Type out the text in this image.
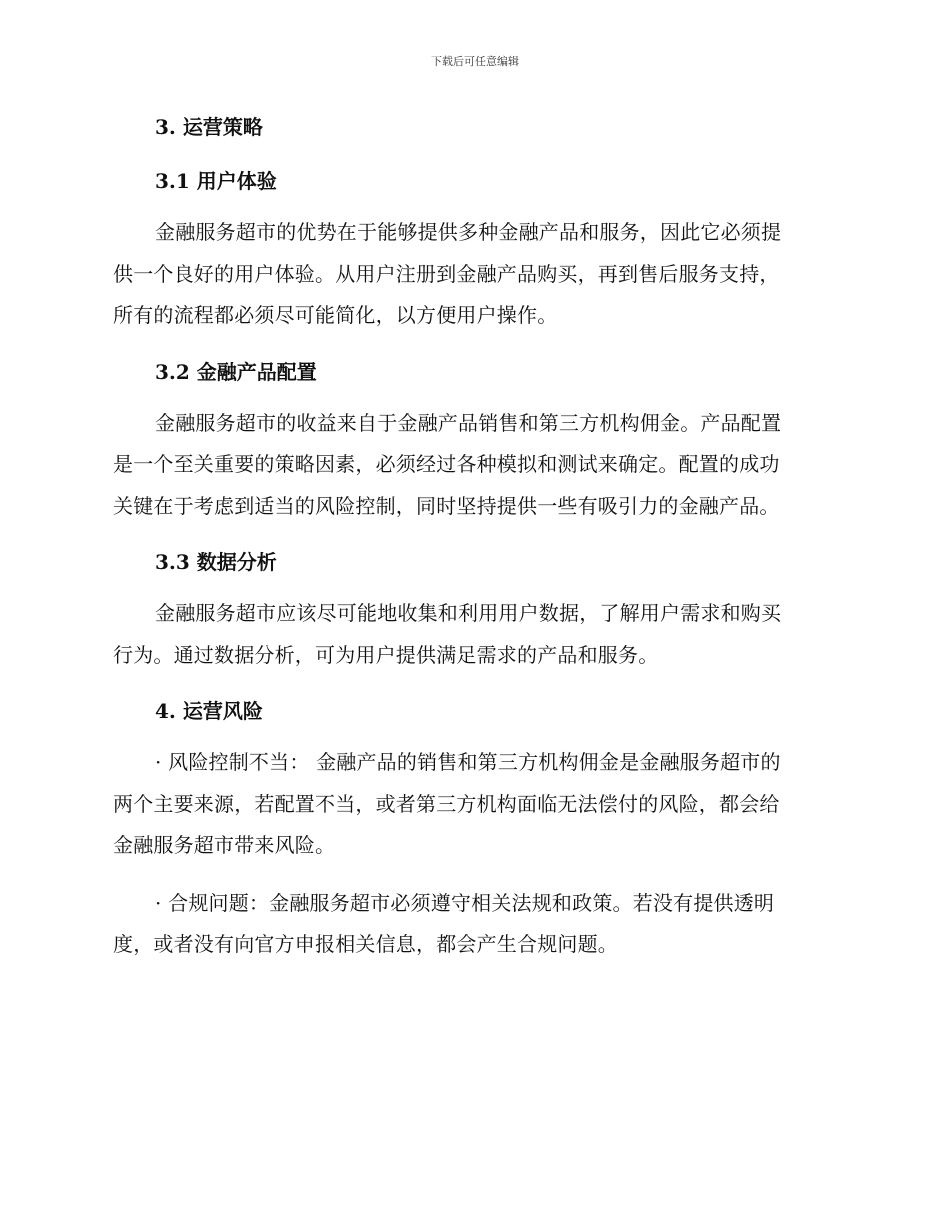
下载后可任意编辑
3. 运营策略
3.1 用户体验

金融服务超市的优势在于能够提供多种金融产品和服务，因此它必须提
供一个良好的用户体验。从用户注册到金融产品购买，再到售后服务支持，
所有的流程都必须尽可能简化，以方便用户操作。

3.2 金融产品配置

金融服务超市的收益来自于金融产品销售和第三方机构佣金。产品配置
是一个至关重要的策略因素，必须经过各种模拟和测试来确定。配置的成功
关键在于考虑到适当的风险控制，同时坚持提供一些有吸引力的金融产品。

3.3 数据分析

金融服务超市应该尽可能地收集和利用用户数据，了解用户需求和购买
行为。通过数据分析，可为用户提供满足需求的产品和服务。

4. 运营风险

· 风险控制不当： 金融产品的销售和第三方机构佣金是金融服务超市的
两个主要来源，若配置不当，或者第三方机构面临无法偿付的风险，都会给
金融服务超市带来风险。

· 合规问题：金融服务超市必须遵守相关法规和政策。若没有提供透明
度，或者没有向官方申报相关信息，都会产生合规问题。
